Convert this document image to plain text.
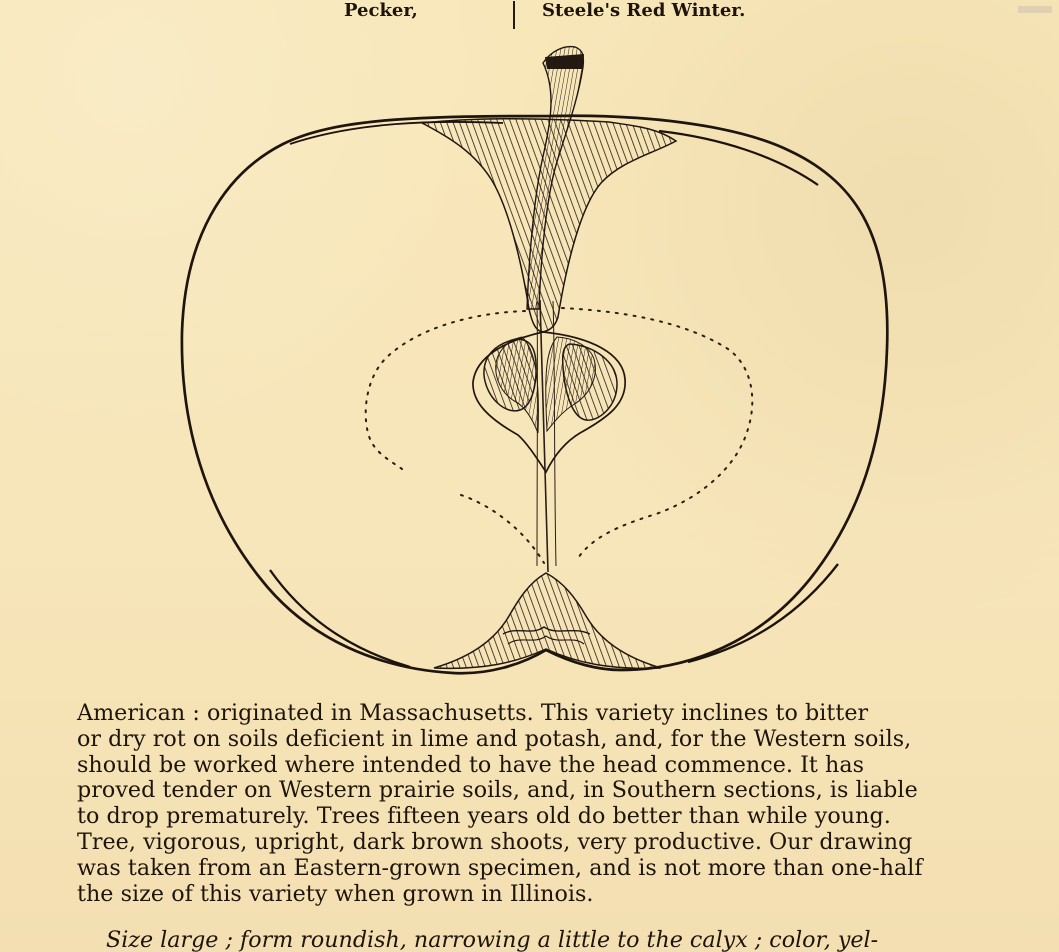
Pecker,	Steele's Red Winter.

American : originated in Massachusetts. This variety inclines to bitter

or dry rot on soils deficient in lime and potash, and, for the Western soils,

should be worked where intended to have the head commence. It has

proved tender on Western prairie soils, and, in Southern sections, is liable

to drop prematurely. Trees fifteen years old do better than while young.

Tree, vigorous, upright, dark brown shoots, very productive. Our drawing

was taken from an Eastern-grown specimen, and is not more than one-half

the size of this variety when grown in Illinois.

Size large ; form roundish, narrowing a little to the calyx ; color, yel-
